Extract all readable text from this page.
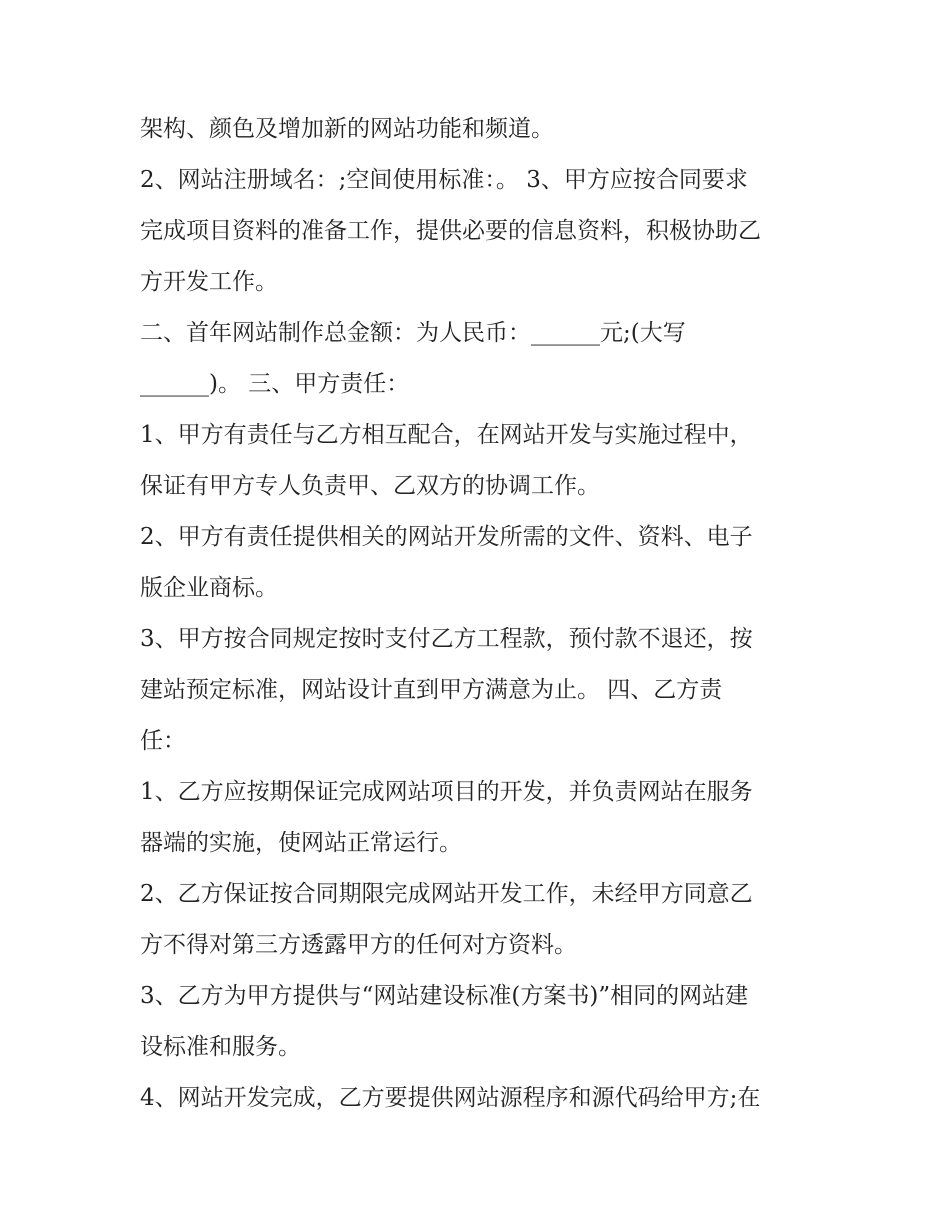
架构、颜色及增加新的网站功能和频道。
2、网站注册域名：;空间使用标准：。 3、甲方应按合同要求
完成项目资料的准备工作，提供必要的信息资料，积极协助乙
方开发工作。
二、首年网站制作总金额：为人民币：______元;(大写
______)。 三、甲方责任：
1、甲方有责任与乙方相互配合，在网站开发与实施过程中，
保证有甲方专人负责甲、乙双方的协调工作。
2、甲方有责任提供相关的网站开发所需的文件、资料、电子
版企业商标。
3、甲方按合同规定按时支付乙方工程款，预付款不退还，按
建站预定标准，网站设计直到甲方满意为止。 四、乙方责
任：
1、乙方应按期保证完成网站项目的开发，并负责网站在服务
器端的实施，使网站正常运行。
2、乙方保证按合同期限完成网站开发工作，未经甲方同意乙
方不得对第三方透露甲方的任何对方资料。
3、乙方为甲方提供与“网站建设标准(方案书)”相同的网站建
设标准和服务。
4、网站开发完成，乙方要提供网站源程序和源代码给甲方;在
